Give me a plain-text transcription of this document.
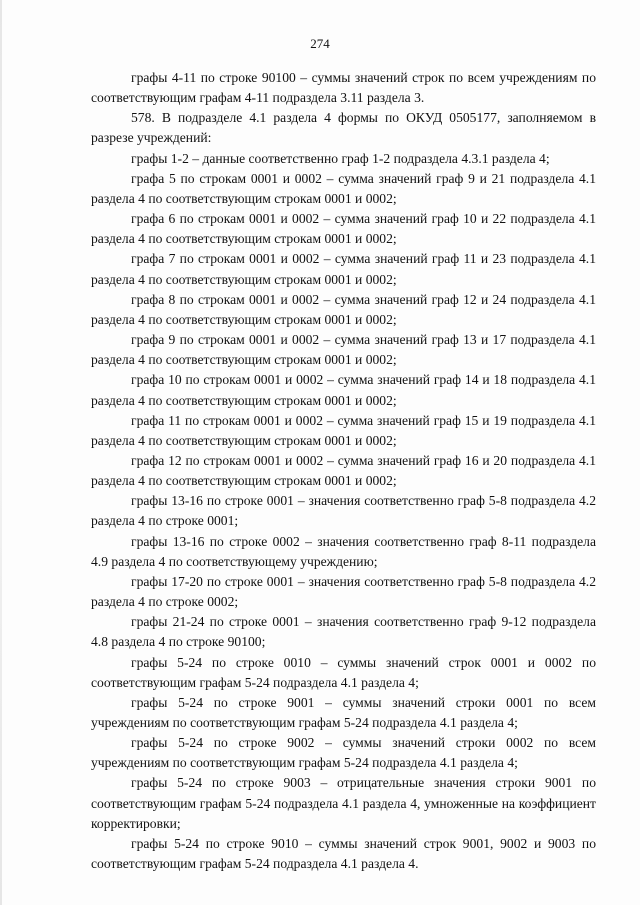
274

графы 4-11 по строке 90100 – суммы значений строк по всем учреждениям по соответствующим графам 4-11 подраздела 3.11 раздела 3.

578. В подразделе 4.1 раздела 4 формы по ОКУД 0505177, заполняемом в разрезе учреждений:

графы 1-2 – данные соответственно граф 1-2 подраздела 4.3.1 раздела 4;

графа 5 по строкам 0001 и 0002 – сумма значений граф 9 и 21 подраздела 4.1 раздела 4 по соответствующим строкам 0001 и 0002;

графа 6 по строкам 0001 и 0002 – сумма значений граф 10 и 22 подраздела 4.1 раздела 4 по соответствующим строкам 0001 и 0002;

графа 7 по строкам 0001 и 0002 – сумма значений граф 11 и 23 подраздела 4.1 раздела 4 по соответствующим строкам 0001 и 0002;

графа 8 по строкам 0001 и 0002 – сумма значений граф 12 и 24 подраздела 4.1 раздела 4 по соответствующим строкам 0001 и 0002;

графа 9 по строкам 0001 и 0002 – сумма значений граф 13 и 17 подраздела 4.1 раздела 4 по соответствующим строкам 0001 и 0002;

графа 10 по строкам 0001 и 0002 – сумма значений граф 14 и 18 подраздела 4.1 раздела 4 по соответствующим строкам 0001 и 0002;

графа 11 по строкам 0001 и 0002 – сумма значений граф 15 и 19 подраздела 4.1 раздела 4 по соответствующим строкам 0001 и 0002;

графа 12 по строкам 0001 и 0002 – сумма значений граф 16 и 20 подраздела 4.1 раздела 4 по соответствующим строкам 0001 и 0002;

графы 13-16 по строке 0001 – значения соответственно граф 5-8 подраздела 4.2 раздела 4 по строке 0001;

графы 13-16 по строке 0002 – значения соответственно граф 8-11 подраздела 4.9 раздела 4 по соответствующему учреждению;

графы 17-20 по строке 0001 – значения соответственно граф 5-8 подраздела 4.2 раздела 4 по строке 0002;

графы 21-24 по строке 0001 – значения соответственно граф 9-12 подраздела 4.8 раздела 4 по строке 90100;

графы 5-24 по строке 0010 – суммы значений строк 0001 и 0002 по соответствующим графам 5-24 подраздела 4.1 раздела 4;

графы 5-24 по строке 9001 – суммы значений строки 0001 по всем учреждениям по соответствующим графам 5-24 подраздела 4.1 раздела 4;

графы 5-24 по строке 9002 – суммы значений строки 0002 по всем учреждениям по соответствующим графам 5-24 подраздела 4.1 раздела 4;

графы 5-24 по строке 9003 – отрицательные значения строки 9001 по соответствующим графам 5-24 подраздела 4.1 раздела 4, умноженные на коэффициент корректировки;

графы 5-24 по строке 9010 – суммы значений строк 9001, 9002 и 9003 по соответствующим графам 5-24 подраздела 4.1 раздела 4.
